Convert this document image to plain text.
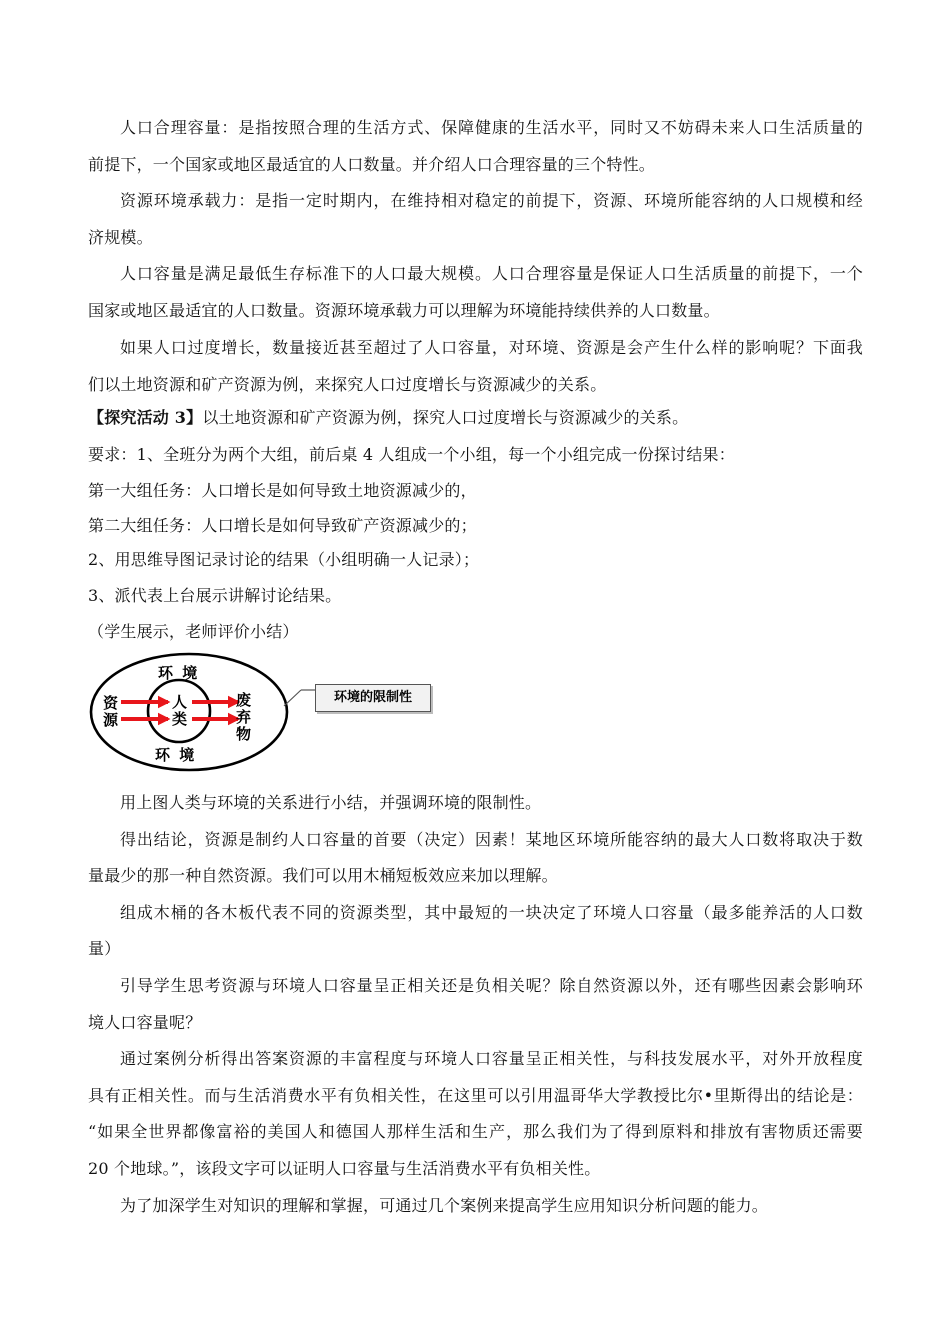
人口合理容量：是指按照合理的生活方式、保障健康的生活水平，同时又不妨碍未来人口生活质量的
前提下，一个国家或地区最适宜的人口数量。并介绍人口合理容量的三个特性。
资源环境承载力：是指一定时期内，在维持相对稳定的前提下，资源、环境所能容纳的人口规模和经
济规模。
人口容量是满足最低生存标准下的人口最大规模。人口合理容量是保证人口生活质量的前提下，一个
国家或地区最适宜的人口数量。资源环境承载力可以理解为环境能持续供养的人口数量。
如果人口过度增长，数量接近甚至超过了人口容量，对环境、资源是会产生什么样的影响呢？下面我
们以土地资源和矿产资源为例，来探究人口过度增长与资源减少的关系。
【探究活动 3】以土地资源和矿产资源为例，探究人口过度增长与资源减少的关系。
要求：1、全班分为两个大组，前后桌 4 人组成一个小组，每一个小组完成一份探讨结果：
第一大组任务：人口增长是如何导致土地资源减少的，
第二大组任务：人口增长是如何导致矿产资源减少的；
2、用思维导图记录讨论的结果（小组明确一人记录）；
3、派代表上台展示讲解讨论结果。
（学生展示，老师评价小结）
环 境
环 境
资
源
人
类
废
弃
物
环境的限制性
用上图人类与环境的关系进行小结，并强调环境的限制性。
得出结论，资源是制约人口容量的首要（决定）因素！某地区环境所能容纳的最大人口数将取决于数
量最少的那一种自然资源。我们可以用木桶短板效应来加以理解。
组成木桶的各木板代表不同的资源类型，其中最短的一块决定了环境人口容量（最多能养活的人口数
量）
引导学生思考资源与环境人口容量呈正相关还是负相关呢？除自然资源以外，还有哪些因素会影响环
境人口容量呢？
通过案例分析得出答案资源的丰富程度与环境人口容量呈正相关性，与科技发展水平，对外开放程度
具有正相关性。而与生活消费水平有负相关性，在这里可以引用温哥华大学教授比尔•里斯得出的结论是：
“如果全世界都像富裕的美国人和德国人那样生活和生产，那么我们为了得到原料和排放有害物质还需要
20 个地球。”，该段文字可以证明人口容量与生活消费水平有负相关性。
为了加深学生对知识的理解和掌握，可通过几个案例来提高学生应用知识分析问题的能力。
